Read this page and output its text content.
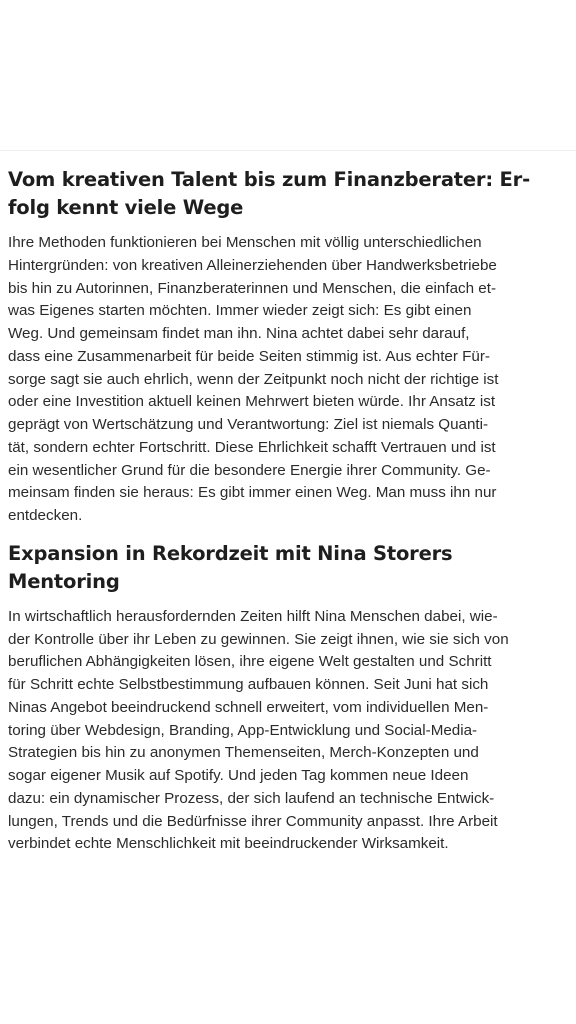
Vom kreativen Talent bis zum Finanzberater: Er-
folg kennt viele Wege

Ihre Methoden funktionieren bei Menschen mit völlig unterschiedlichen
Hintergründen: von kreativen Alleinerziehenden über Handwerksbetriebe
bis hin zu Autorinnen, Finanzberaterinnen und Menschen, die einfach et-
was Eigenes starten möchten. Immer wieder zeigt sich: Es gibt einen
Weg. Und gemeinsam findet man ihn. Nina achtet dabei sehr darauf,
dass eine Zusammenarbeit für beide Seiten stimmig ist. Aus echter Für-
sorge sagt sie auch ehrlich, wenn der Zeitpunkt noch nicht der richtige ist
oder eine Investition aktuell keinen Mehrwert bieten würde. Ihr Ansatz ist
geprägt von Wertschätzung und Verantwortung: Ziel ist niemals Quanti-
tät, sondern echter Fortschritt. Diese Ehrlichkeit schafft Vertrauen und ist
ein wesentlicher Grund für die besondere Energie ihrer Community. Ge-
meinsam finden sie heraus: Es gibt immer einen Weg. Man muss ihn nur
entdecken.

Expansion in Rekordzeit mit Nina Storers
Mentoring

In wirtschaftlich herausfordernden Zeiten hilft Nina Menschen dabei, wie-
der Kontrolle über ihr Leben zu gewinnen. Sie zeigt ihnen, wie sie sich von
beruflichen Abhängigkeiten lösen, ihre eigene Welt gestalten und Schritt
für Schritt echte Selbstbestimmung aufbauen können. Seit Juni hat sich
Ninas Angebot beeindruckend schnell erweitert, vom individuellen Men-
toring über Webdesign, Branding, App-Entwicklung und Social-Media-
Strategien bis hin zu anonymen Themenseiten, Merch-Konzepten und
sogar eigener Musik auf Spotify. Und jeden Tag kommen neue Ideen
dazu: ein dynamischer Prozess, der sich laufend an technische Entwick-
lungen, Trends und die Bedürfnisse ihrer Community anpasst. Ihre Arbeit
verbindet echte Menschlichkeit mit beeindruckender Wirksamkeit.
